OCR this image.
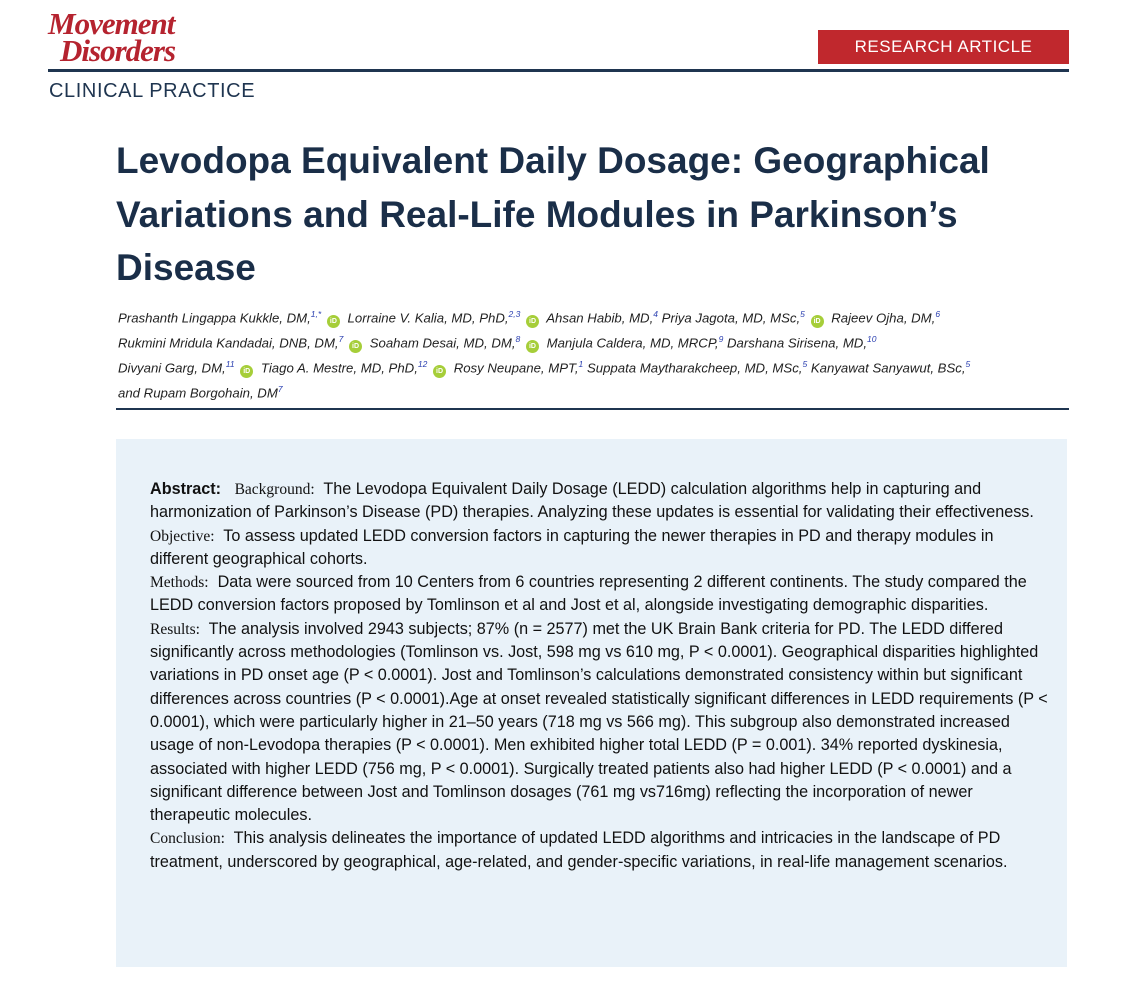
Movement
Disorders	RESEARCH ARTICLE
CLINICAL PRACTICE
Levodopa Equivalent Daily Dosage: Geographical Variations and Real-Life Modules in Parkinson’s Disease
Prashanth Lingappa Kukkle, DM,$^{1,*}$ iD Lorraine V. Kalia, MD, PhD,$^{2,3}$ iD Ahsan Habib, MD,$^4$ Priya Jagota, MD, MSc,$^5$ iD Rajeev Ojha, DM,$^6$
Rukmini Mridula Kandadai, DNB, DM,$^7$ iD Soaham Desai, MD, DM,$^8$ iD Manjula Caldera, MD, MRCP,$^9$ Darshana Sirisena, MD,$^{10}$
Divyani Garg, DM,$^{11}$ iD Tiago A. Mestre, MD, PhD,$^{12}$ iD Rosy Neupane, MPT,$^1$ Suppata Maytharakcheep, MD, MSc,$^5$ Kanyawat Sanyawut, BSc,$^5$
and Rupam Borgohain, $DM^7$

Abstract: Background: The Levodopa Equivalent Daily Dosage (LEDD) calculation algorithms help in capturing and harmonization of Parkinson’s Disease (PD) therapies. Analyzing these updates is essential for validating their effectiveness.

Objective: To assess updated LEDD conversion factors in capturing the newer therapies in PD and therapy modules in different geographical cohorts.

Methods: Data were sourced from 10 Centers from 6 countries representing 2 different continents. The study compared the LEDD conversion factors proposed by Tomlinson et al and Jost et al, alongside investigating demographic disparities.

Results: The analysis involved 2943 subjects; 87% (n = 2577) met the UK Brain Bank criteria for PD. The LEDD differed significantly across methodologies (Tomlinson vs. Jost, 598 mg vs 610 mg, P < 0.0001). Geographical disparities highlighted variations in PD onset age (P < 0.0001). Jost and Tomlinson’s calculations demonstrated consistency within but significant differences across countries (P < 0.0001).Age at onset revealed statistically significant differences in LEDD requirements (P < 0.0001), which were particularly higher in 21–50 years (718 mg vs 566 mg). This subgroup also demonstrated increased usage of non-Levodopa therapies (P < 0.0001). Men exhibited higher total LEDD (P = 0.001). 34% reported dyskinesia, associated with higher LEDD (756 mg, P < 0.0001). Surgically treated patients also had higher LEDD (P < 0.0001) and a significant difference between Jost and Tomlinson dosages (761 mg vs716mg) reflecting the incorporation of newer therapeutic molecules.

Conclusion: This analysis delineates the importance of updated LEDD algorithms and intricacies in the landscape of PD treatment, underscored by geographical, age-related, and gender-specific variations, in real-life management scenarios.
